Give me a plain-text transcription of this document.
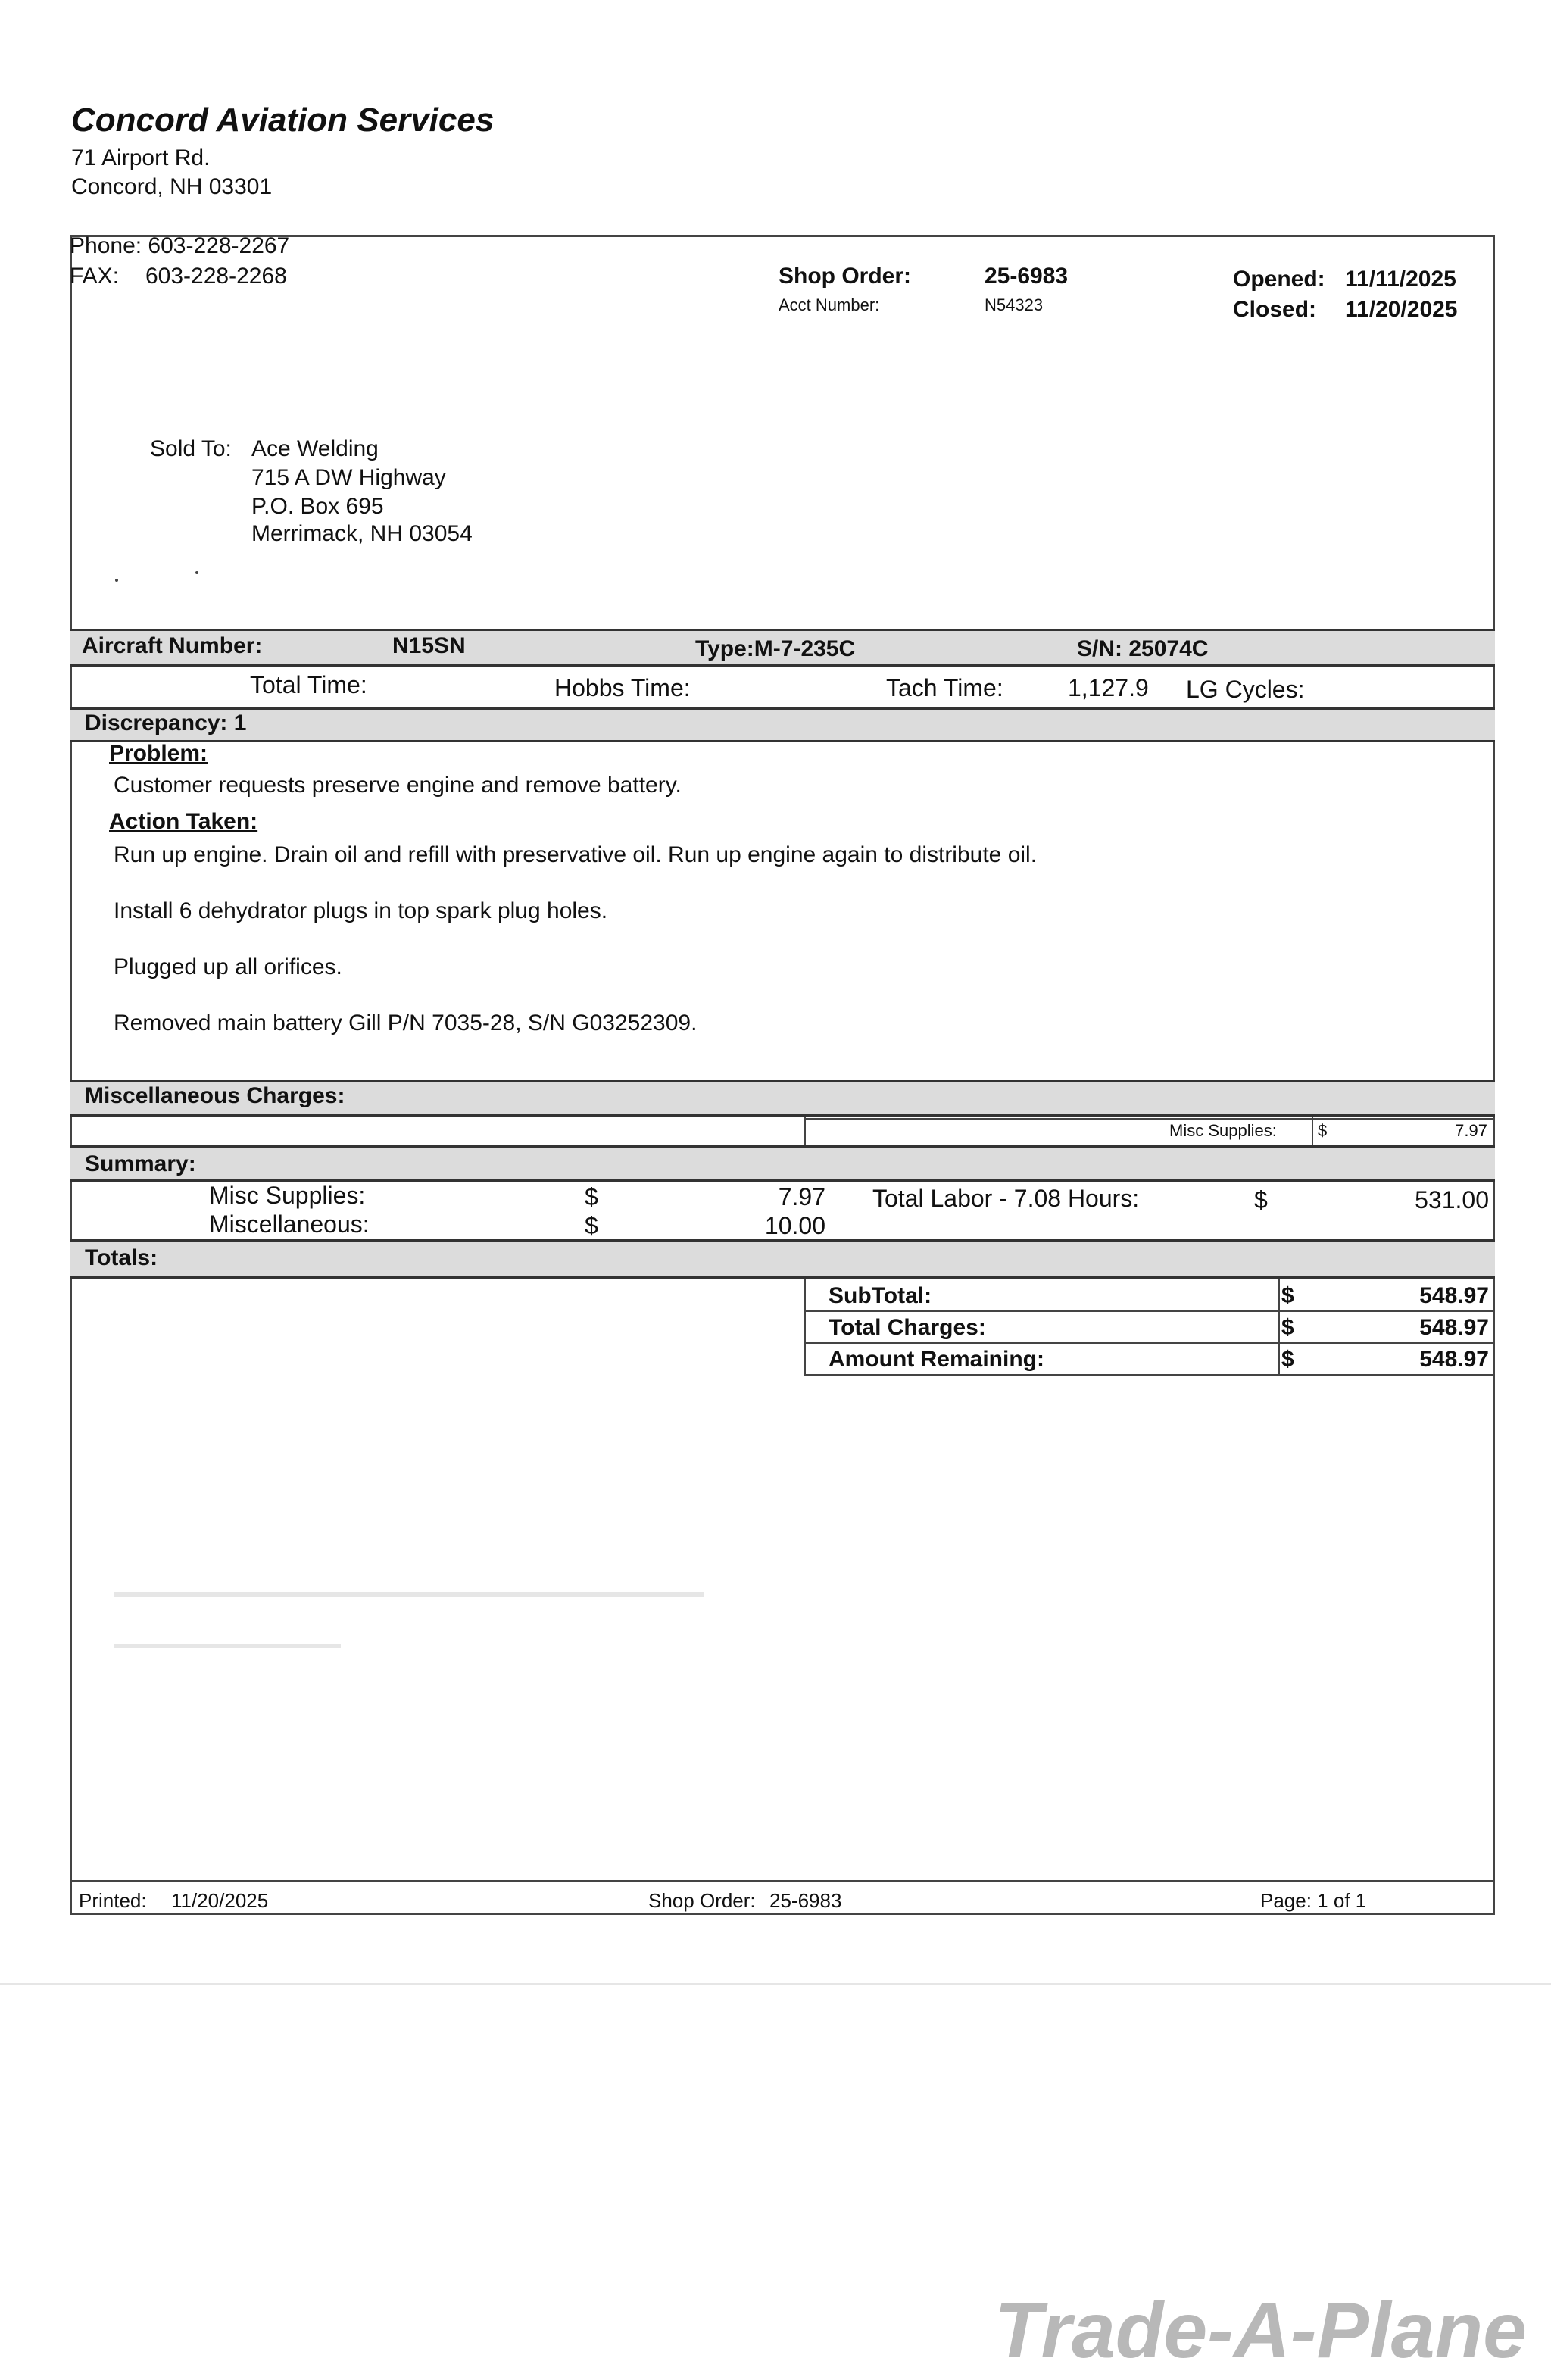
Concord Aviation Services
71 Airport Rd.
Concord, NH 03301
Phone: 603-228-2267
FAX: 603-228-2268	Shop Order:	25-6983
Acct Number:	N54323
Opened: 11/11/2025
Closed: 11/20/2025
Sold To: Ace Welding
715 A DW Highway
P.O. Box 695
Merrimack, NH 03054
Aircraft Number:	N15SN	Type:M-7-235C	S/N: 25074C
Total Time:	Hobbs Time:	Tach Time:	1,127.9 LG Cycles:
Discrepancy: 1
Problem:
Customer requests preserve engine and remove battery.
Action Taken:
Run up engine. Drain oil and refill with preservative oil. Run up engine again to distribute oil.
Install 6 dehydrator plugs in top spark plug holes.
Plugged up all orifices.
Removed main battery Gill P/N 7035-28, S/N G03252309.
Miscellaneous Charges:
Misc Supplies: $	7.97
Summary:
Misc Supplies:	$	7.97
Miscellaneous:	$	10.00
Total Labor - 7.08 Hours:	$	531.00
Totals:
SubTotal:	$	548.97
Total Charges:	$	548.97
Amount Remaining:	$	548.97
Printed: 11/20/2025	Shop Order: 25-6983	Page: 1 of 1
Trade-A-Plane
